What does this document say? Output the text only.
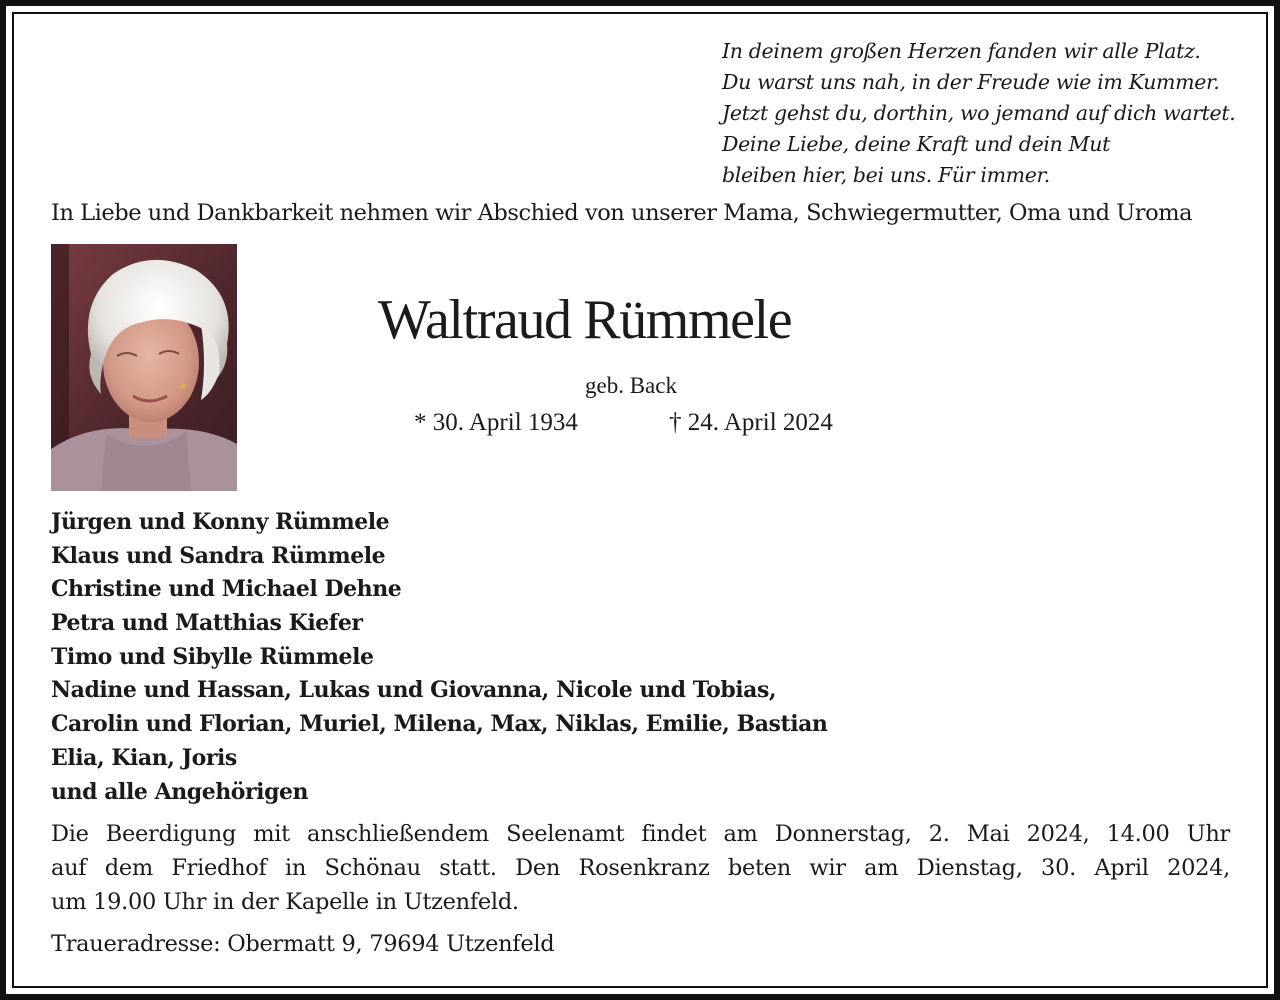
In deinem großen Herzen fanden wir alle Platz.
Du warst uns nah, in der Freude wie im Kummer.
Jetzt gehst du, dorthin, wo jemand auf dich wartet.
Deine Liebe, deine Kraft und dein Mut
bleiben hier, bei uns. Für immer.
In Liebe und Dankbarkeit nehmen wir Abschied von unserer Mama, Schwiegermutter, Oma und Uroma
Waltraud Rümmele
geb. Back
* 30. April 1934	† 24. April 2024
Jürgen und Konny Rümmele
Klaus und Sandra Rümmele
Christine und Michael Dehne
Petra und Matthias Kiefer
Timo und Sibylle Rümmele
Nadine und Hassan, Lukas und Giovanna, Nicole und Tobias,
Carolin und Florian, Muriel, Milena, Max, Niklas, Emilie, Bastian
Elia, Kian, Joris
und alle Angehörigen
Die Beerdigung mit anschließendem Seelenamt findet am Donnerstag, 2. Mai 2024, 14.00 Uhr
auf dem Friedhof in Schönau statt. Den Rosenkranz beten wir am Dienstag, 30. April 2024,
um 19.00 Uhr in der Kapelle in Utzenfeld.
Traueradresse: Obermatt 9, 79694 Utzenfeld
